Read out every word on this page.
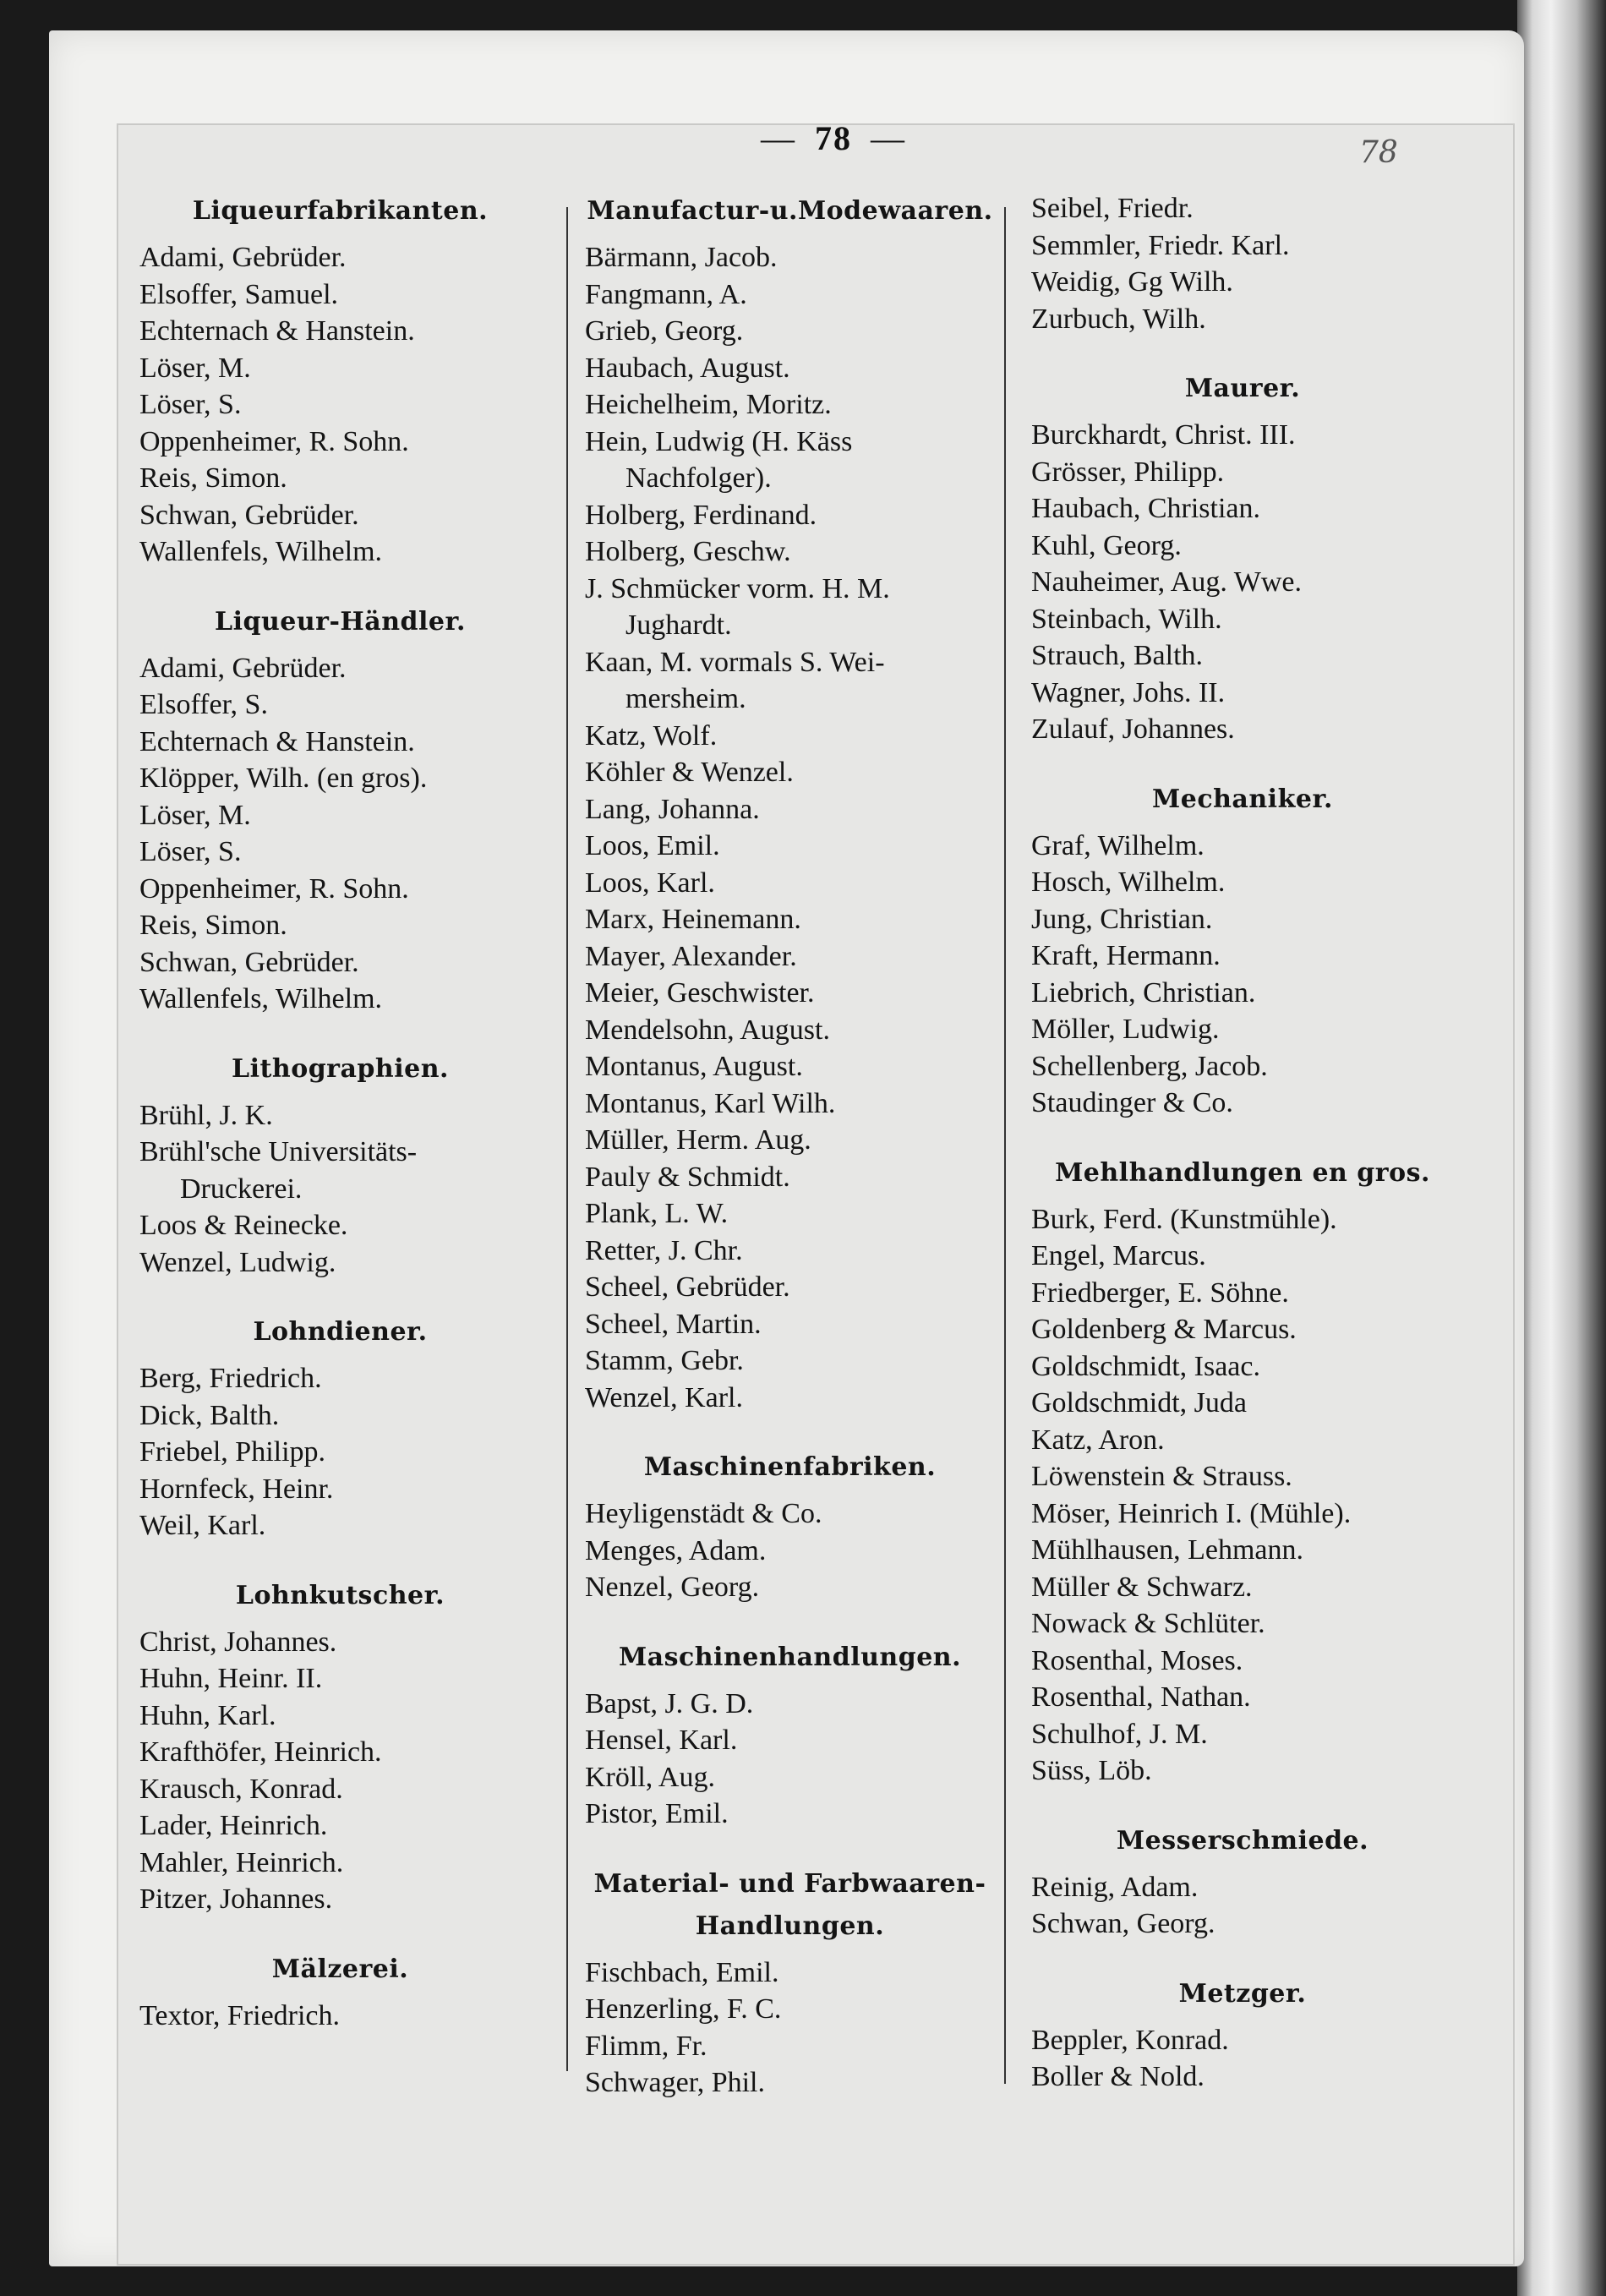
— 78 —	78
Liqueurfabrikanten.
Adami, Gebrüder.
Elsoffer, Samuel.
Echternach & Hanstein.
Löser, M.
Löser, S.
Oppenheimer, R. Sohn.
Reis, Simon.
Schwan, Gebrüder.
Wallenfels, Wilhelm.
Liqueur-Händler.
Adami, Gebrüder.
Elsoffer, S.
Echternach & Hanstein.
Klöpper, Wilh. (en gros).
Löser, M.
Löser, S.
Oppenheimer, R. Sohn.
Reis, Simon.
Schwan, Gebrüder.
Wallenfels, Wilhelm.
Lithographien.
Brühl, J. K.
Brühl'sche Universitäts-
Druckerei.
Loos & Reinecke.
Wenzel, Ludwig.
Lohndiener.
Berg, Friedrich.
Dick, Balth.
Friebel, Philipp.
Hornfeck, Heinr.
Weil, Karl.
Lohnkutscher.
Christ, Johannes.
Huhn, Heinr. II.
Huhn, Karl.
Krafthöfer, Heinrich.
Krausch, Konrad.
Lader, Heinrich.
Mahler, Heinrich.
Pitzer, Johannes.
Mälzerei.
Textor, Friedrich.
Manufactur-u.Modewaaren.
Bärmann, Jacob.
Fangmann, A.
Grieb, Georg.
Haubach, August.
Heichelheim, Moritz.
Hein, Ludwig (H. Käss
Nachfolger).
Holberg, Ferdinand.
Holberg, Geschw.
J. Schmücker vorm. H. M.
Jughardt.
Kaan, M. vormals S. Wei-
mersheim.
Katz, Wolf.
Köhler & Wenzel.
Lang, Johanna.
Loos, Emil.
Loos, Karl.
Marx, Heinemann.
Mayer, Alexander.
Meier, Geschwister.
Mendelsohn, August.
Montanus, August.
Montanus, Karl Wilh.
Müller, Herm. Aug.
Pauly & Schmidt.
Plank, L. W.
Retter, J. Chr.
Scheel, Gebrüder.
Scheel, Martin.
Stamm, Gebr.
Wenzel, Karl.
Maschinenfabriken.
Heyligenstädt & Co.
Menges, Adam.
Nenzel, Georg.
Maschinenhandlungen.
Bapst, J. G. D.
Hensel, Karl.
Kröll, Aug.
Pistor, Emil.
Material- und Farbwaaren-Handlungen.
Fischbach, Emil.
Henzerling, F. C.
Flimm, Fr.
Schwager, Phil.
Seibel, Friedr.
Semmler, Friedr. Karl.
Weidig, Gg Wilh.
Zurbuch, Wilh.
Maurer.
Burckhardt, Christ. III.
Grösser, Philipp.
Haubach, Christian.
Kuhl, Georg.
Nauheimer, Aug. Wwe.
Steinbach, Wilh.
Strauch, Balth.
Wagner, Johs. II.
Zulauf, Johannes.
Mechaniker.
Graf, Wilhelm.
Hosch, Wilhelm.
Jung, Christian.
Kraft, Hermann.
Liebrich, Christian.
Möller, Ludwig.
Schellenberg, Jacob.
Staudinger & Co.
Mehlhandlungen en gros.
Burk, Ferd. (Kunstmühle).
Engel, Marcus.
Friedberger, E. Söhne.
Goldenberg & Marcus.
Goldschmidt, Isaac.
Goldschmidt, Juda
Katz, Aron.
Löwenstein & Strauss.
Möser, Heinrich I. (Mühle).
Mühlhausen, Lehmann.
Müller & Schwarz.
Nowack & Schlüter.
Rosenthal, Moses.
Rosenthal, Nathan.
Schulhof, J. M.
Süss, Löb.
Messerschmiede.
Reinig, Adam.
Schwan, Georg.
Metzger.
Beppler, Konrad.
Boller & Nold.
